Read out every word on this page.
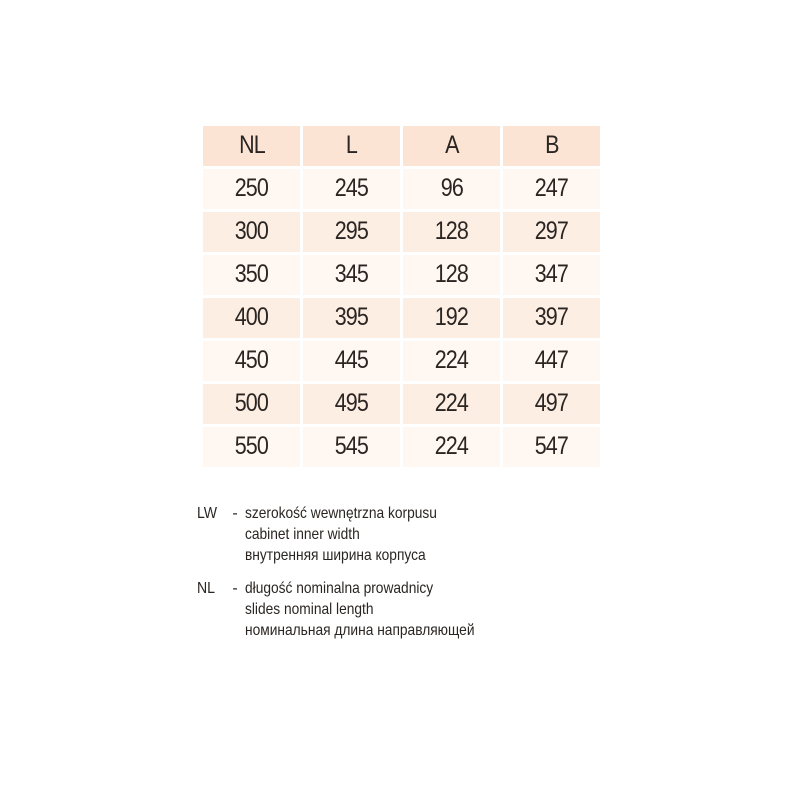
NL	L	A	B
250	245	96	247
300	295	128	297
350	345	128	347
400	395	192	397
450	445	224	447
500	495	224	497
550	545	224	547
LW - szerokość wewnętrzna korpusu
cabinet inner width
внутренняя ширина корпуса
NL	- długość nominalna prowadnicy
slides nominal length
номинальная длина направляющей
